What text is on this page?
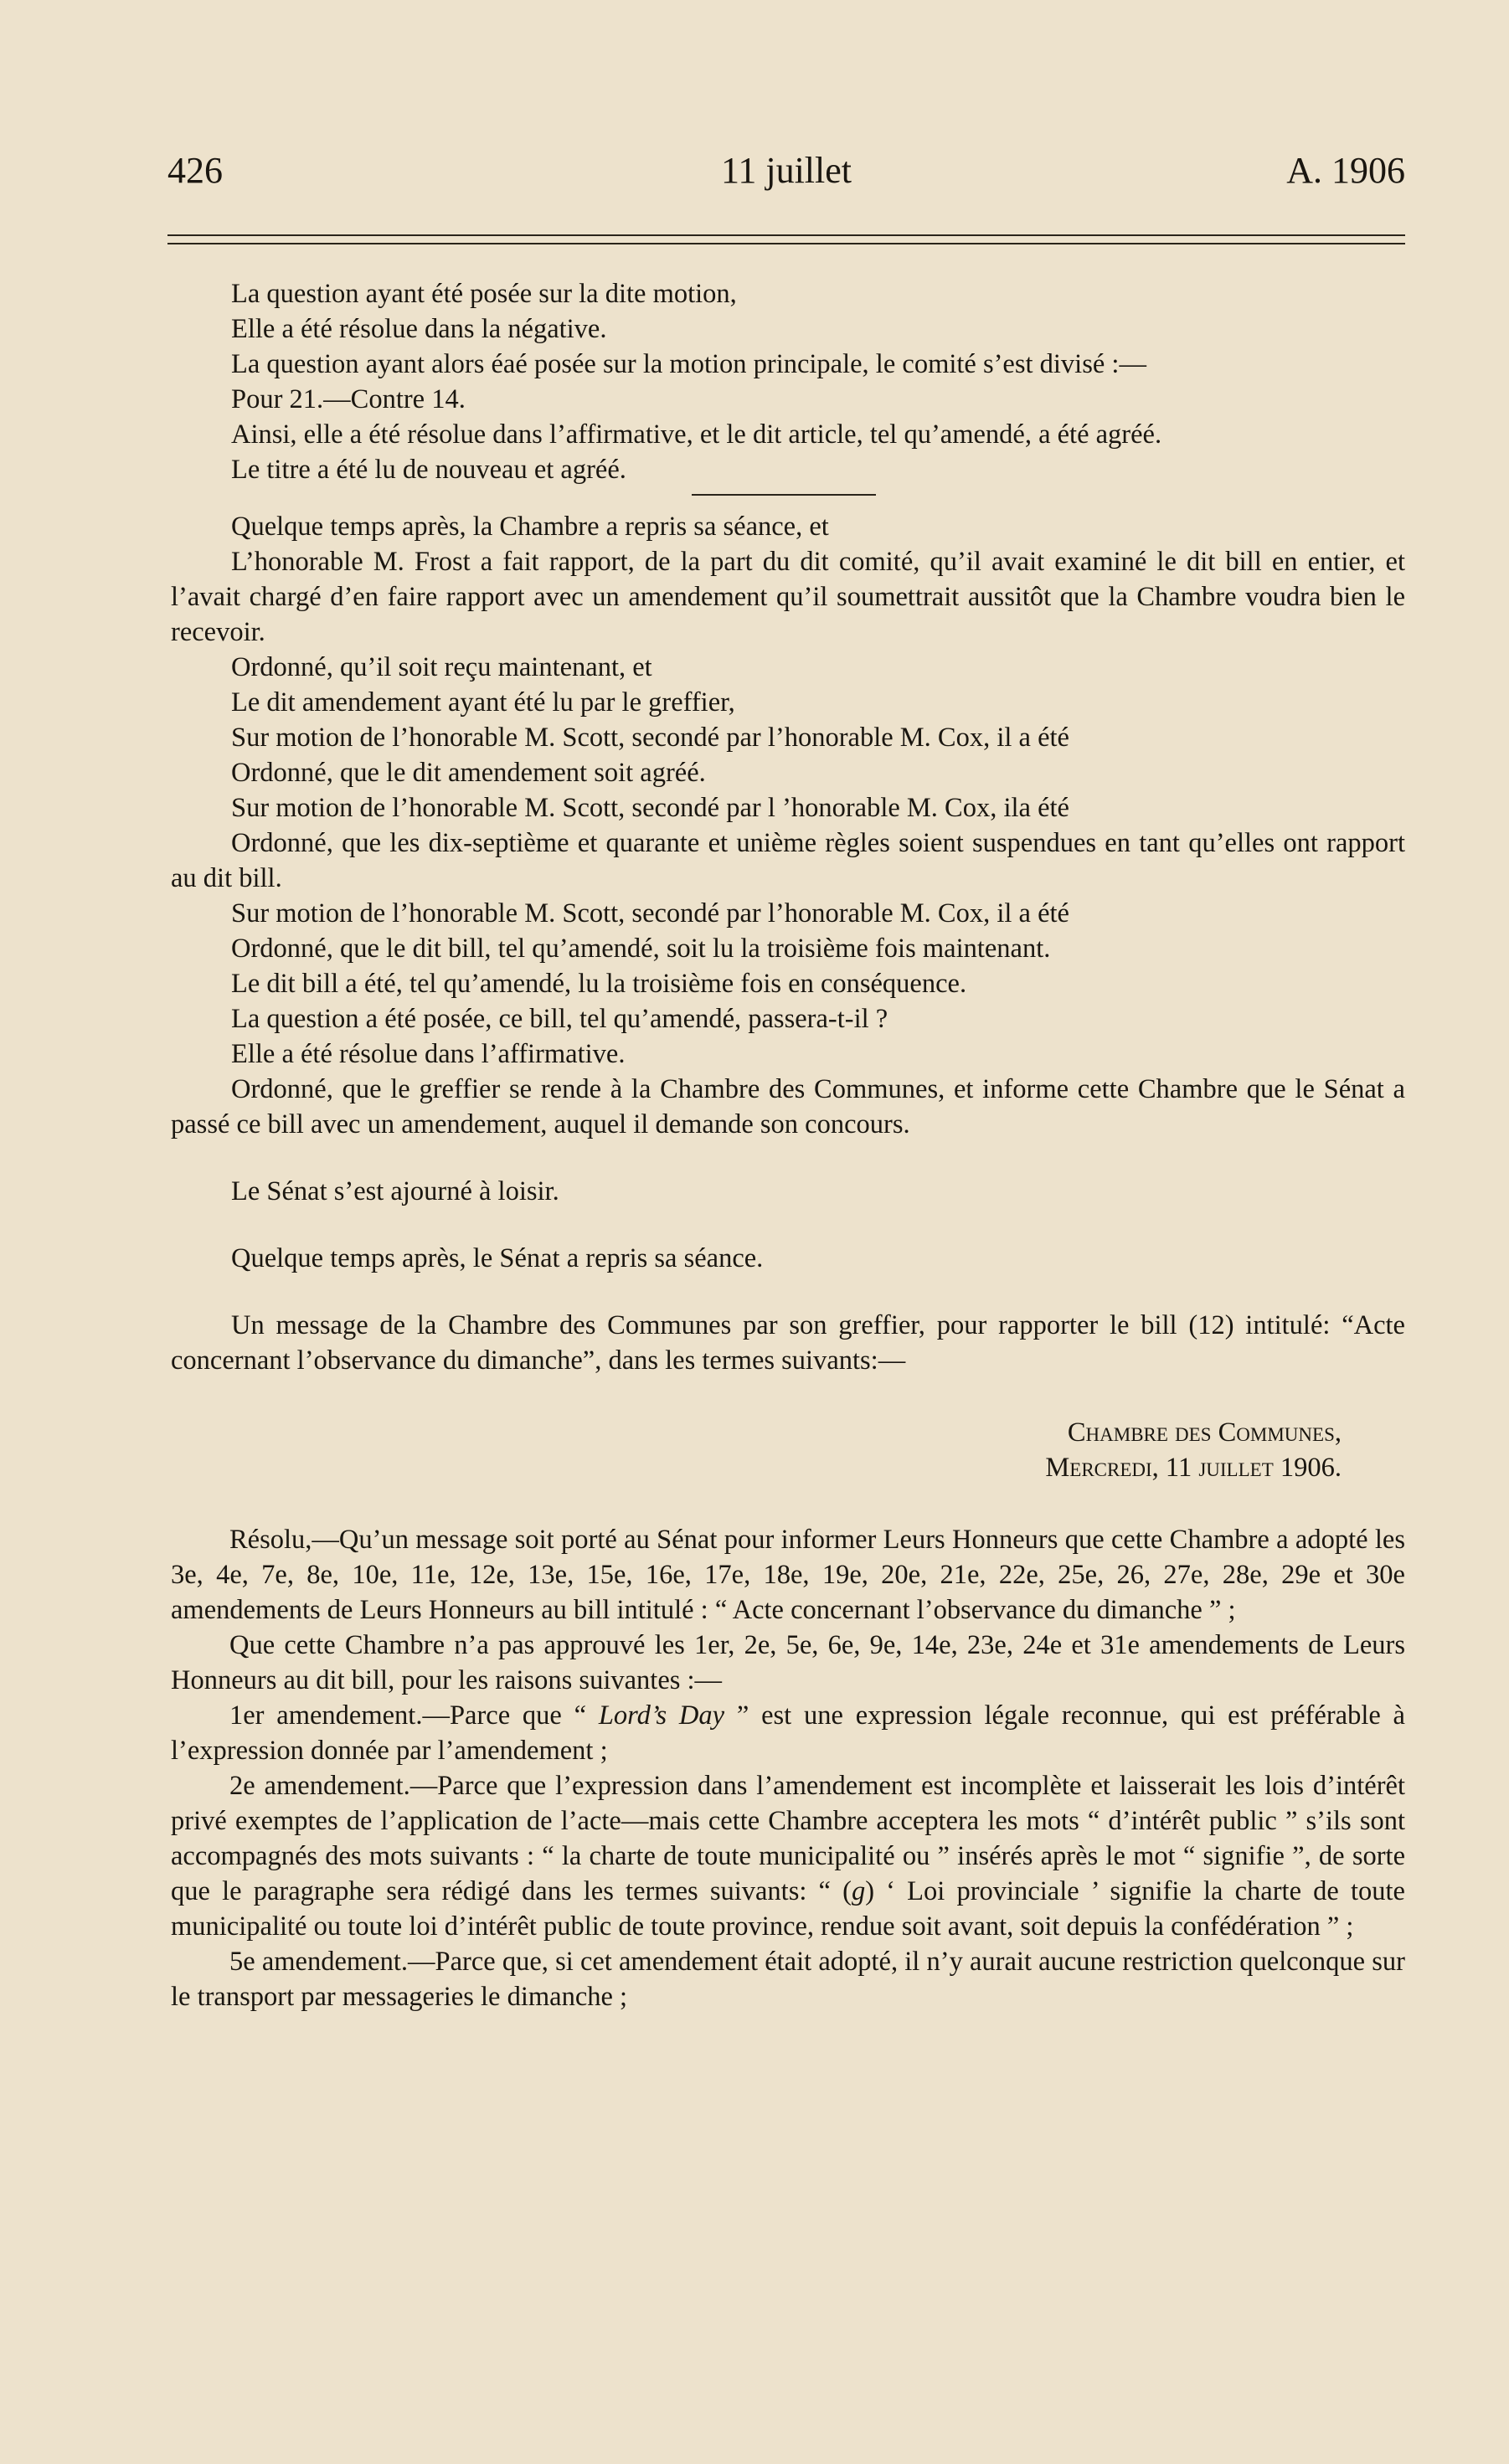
426	11 juillet	A. 1906

La question ayant été posée sur la dite motion,

Elle a été résolue dans la négative.

La question ayant alors éaé posée sur la motion principale, le comité s’est divisé :—

Pour 21.—Contre 14.

Ainsi, elle a été résolue dans l’affirmative, et le dit article, tel qu’amendé, a été agréé.

Le titre a été lu de nouveau et agréé.

Quelque temps après, la Chambre a repris sa séance, et

L’honorable M. Frost a fait rapport, de la part du dit comité, qu’il avait examiné le dit bill en entier, et l’avait chargé d’en faire rapport avec un amendement qu’il soumettrait aussitôt que la Chambre voudra bien le recevoir.

Ordonné, qu’il soit reçu maintenant, et

Le dit amendement ayant été lu par le greffier,

Sur motion de l’honorable M. Scott, secondé par l’honorable M. Cox, il a été

Ordonné, que le dit amendement soit agréé.

Sur motion de l’honorable M. Scott, secondé par l ’honorable M. Cox, ila été

Ordonné, que les dix-septième et quarante et unième règles soient suspendues en tant qu’elles ont rapport au dit bill.

Sur motion de l’honorable M. Scott, secondé par l’honorable M. Cox, il a été

Ordonné, que le dit bill, tel qu’amendé, soit lu la troisième fois maintenant.

Le dit bill a été, tel qu’amendé, lu la troisième fois en conséquence.

La question a été posée, ce bill, tel qu’amendé, passera-t-il ?

Elle a été résolue dans l’affirmative.

Ordonné, que le greffier se rende à la Chambre des Communes, et informe cette Chambre que le Sénat a passé ce bill avec un amendement, auquel il demande son concours.

Le Sénat s’est ajourné à loisir.

Quelque temps après, le Sénat a repris sa séance.

Un message de la Chambre des Communes par son greffier, pour rapporter le bill (12) intitulé: “Acte concernant l’observance du dimanche”, dans les termes suivants:—

Chambre des Communes,

Mercredi, 11 juillet 1906.

Résolu,—Qu’un message soit porté au Sénat pour informer Leurs Honneurs que cette Chambre a adopté les 3e, 4e, 7e, 8e, 10e, 11e, 12e, 13e, 15e, 16e, 17e, 18e, 19e, 20e, 21e, 22e, 25e, 26, 27e, 28e, 29e et 30e amendements de Leurs Honneurs au bill intitulé : “ Acte concernant l’observance du dimanche ” ;

Que cette Chambre n’a pas approuvé les 1er, 2e, 5e, 6e, 9e, 14e, 23e, 24e et 31e amendements de Leurs Honneurs au dit bill, pour les raisons suivantes :—

1er amendement.—Parce que “ Lord’s Day ” est une expression légale reconnue, qui est préférable à l’expression donnée par l’amendement ;

2e amendement.—Parce que l’expression dans l’amendement est incomplète et laisserait les lois d’intérêt privé exemptes de l’application de l’acte—mais cette Chambre acceptera les mots “ d’intérêt public ” s’ils sont accompagnés des mots suivants : “ la charte de toute municipalité ou ” insérés après le mot “ signifie ”, de sorte que le paragraphe sera rédigé dans les termes suivants: “ (g) ‘ Loi provinciale ’ signifie la charte de toute municipalité ou toute loi d’intérêt public de toute province, rendue soit avant, soit depuis la confédération ” ;

5e amendement.—Parce que, si cet amendement était adopté, il n’y aurait aucune restriction quelconque sur le transport par messageries le dimanche ;
